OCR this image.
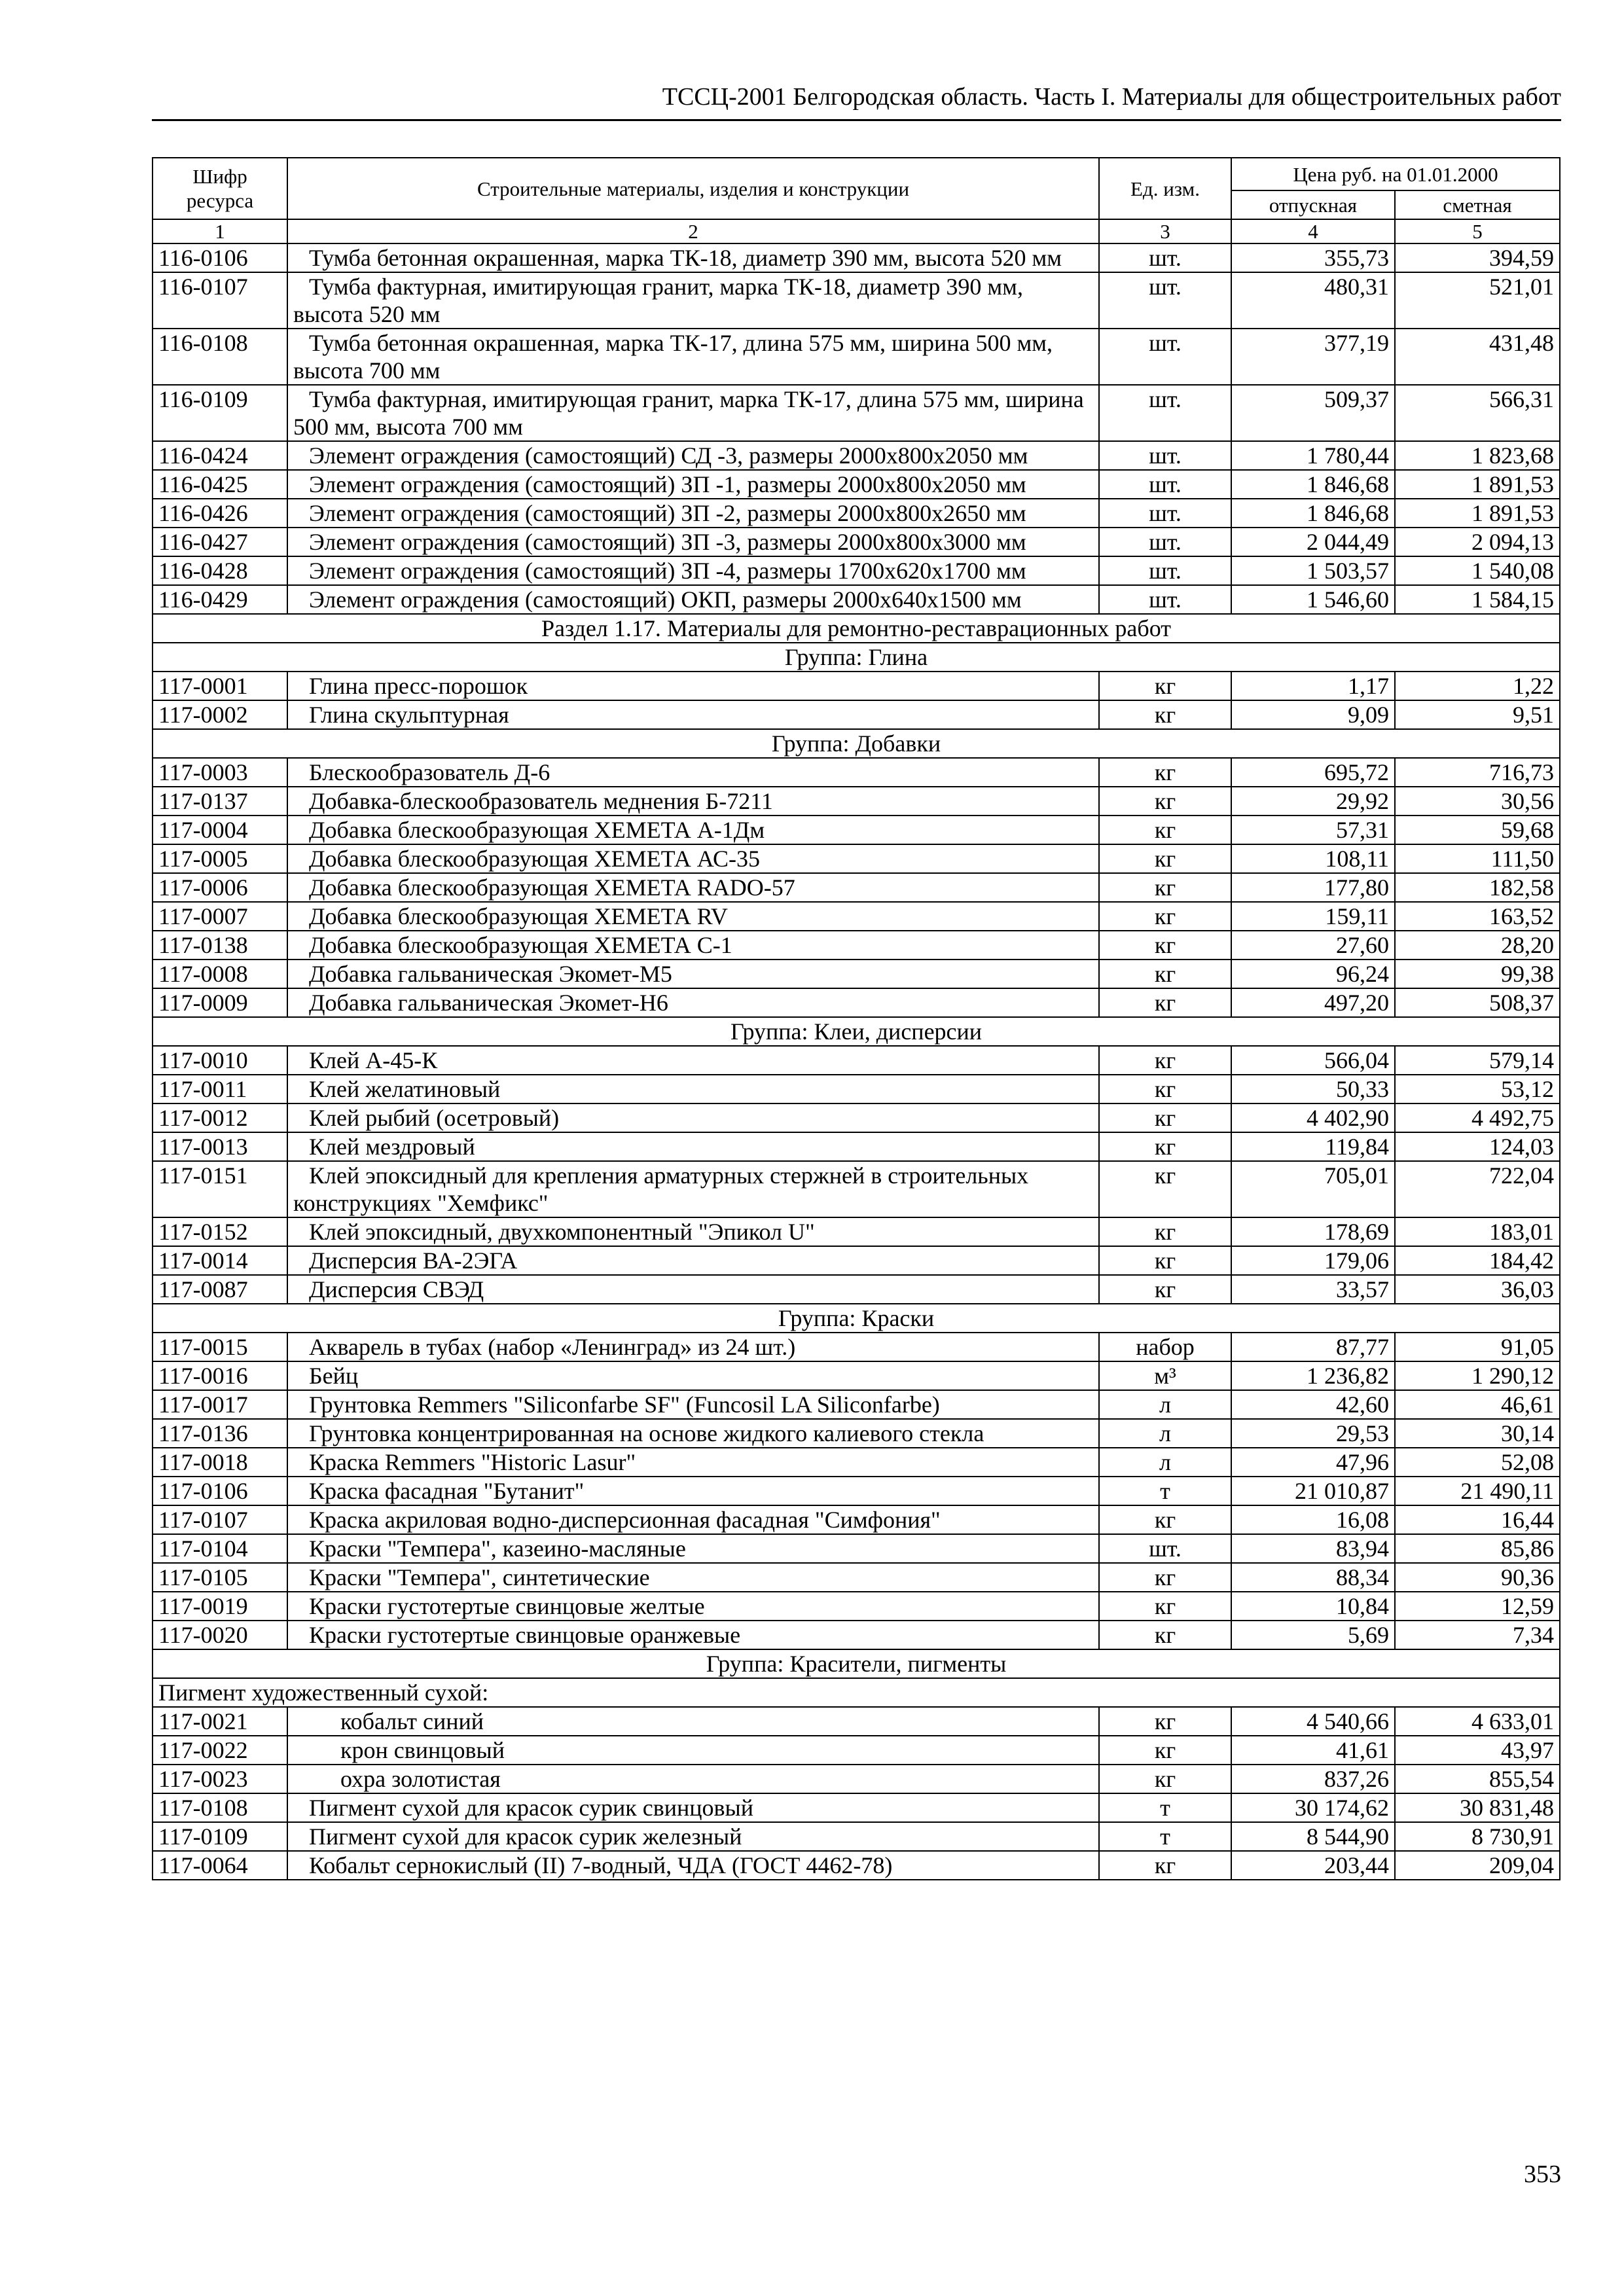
ТССЦ-2001 Белгородская область. Часть I. Материалы для общестроительных работ
Шифр ресурса	Строительные материалы, изделия и конструкции	Ед. изм.	Цена руб. на 01.01.2000	
			отпускная	сметная
1	2	3	4	5
116-0106	Тумба бетонная окрашенная, марка ТК-18, диаметр 390 мм, высота 520 мм	шт.	355,73	394,59
116-0107	Тумба фактурная, имитирующая гранит, марка ТК-18, диаметр 390 мм, высота 520 мм	шт.	480,31	521,01
116-0108	Тумба бетонная окрашенная, марка ТК-17, длина 575 мм, ширина 500 мм, высота 700 мм	шт.	377,19	431,48
116-0109	Тумба фактурная, имитирующая гранит, марка ТК-17, длина 575 мм, ширина 500 мм, высота 700 мм	шт.	509,37	566,31
116-0424	Элемент ограждения (самостоящий) СД -3, размеры 2000х800х2050 мм	шт.	1 780,44	1 823,68
116-0425	Элемент ограждения (самостоящий) ЗП -1, размеры 2000х800х2050 мм	шт.	1 846,68	1 891,53
116-0426	Элемент ограждения (самостоящий) ЗП -2, размеры 2000х800х2650 мм	шт.	1 846,68	1 891,53
116-0427	Элемент ограждения (самостоящий) ЗП -3, размеры 2000х800х3000 мм	шт.	2 044,49	2 094,13
116-0428	Элемент ограждения (самостоящий) ЗП -4, размеры 1700х620х1700 мм	шт.	1 503,57	1 540,08
116-0429	Элемент ограждения (самостоящий) ОКП, размеры 2000х640х1500 мм	шт.	1 546,60	1 584,15
Раздел 1.17. Материалы для ремонтно-реставрационных работ				
Группа: Глина				
117-0001	Глина пресс-порошок	кг	1,17	1,22
117-0002	Глина скульптурная	кг	9,09	9,51
Группа: Добавки				
117-0003	Блескообразователь Д-6	кг	695,72	716,73
117-0137	Добавка-блескообразователь меднения Б-7211	кг	29,92	30,56
117-0004	Добавка блескообразующая ХЕМЕТА А-1Дм	кг	57,31	59,68
117-0005	Добавка блескообразующая ХЕМЕТА АС-35	кг	108,11	111,50
117-0006	Добавка блескообразующая ХЕМЕТА RADO-57	кг	177,80	182,58
117-0007	Добавка блескообразующая ХЕМЕТА RV	кг	159,11	163,52
117-0138	Добавка блескообразующая ХЕМЕТА С-1	кг	27,60	28,20
117-0008	Добавка гальваническая Экомет-М5	кг	96,24	99,38
117-0009	Добавка гальваническая Экомет-Н6	кг	497,20	508,37
Группа: Клеи, дисперсии				
117-0010	Клей А-45-К	кг	566,04	579,14
117-0011	Клей желатиновый	кг	50,33	53,12
117-0012	Клей рыбий (осетровый)	кг	4 402,90	4 492,75
117-0013	Клей мездровый	кг	119,84	124,03
117-0151	Клей эпоксидный для крепления арматурных стержней в строительных конструкциях "Хемфикс"	кг	705,01	722,04
117-0152	Клей эпоксидный, двухкомпонентный "Эпикол U"	кг	178,69	183,01
117-0014	Дисперсия ВА-2ЭГА	кг	179,06	184,42
117-0087	Дисперсия СВЭД	кг	33,57	36,03
Группа: Краски				
117-0015	Акварель в тубах (набор «Ленинград» из 24 шт.)	набор	87,77	91,05
117-0016	Бейц	м³	1 236,82	1 290,12
117-0017	Грунтовка Remmers "Siliconfarbe SF" (Funcosil LA Siliconfarbe)	л	42,60	46,61
117-0136	Грунтовка концентрированная на основе жидкого калиевого стекла	л	29,53	30,14
117-0018	Краска Remmers "Historic Lasur"	л	47,96	52,08
117-0106	Краска фасадная "Бутанит"	т	21 010,87	21 490,11
117-0107	Краска акриловая водно-дисперсионная фасадная "Симфония"	кг	16,08	16,44
117-0104	Краски "Темпера", казеино-масляные	шт.	83,94	85,86
117-0105	Краски "Темпера", синтетические	кг	88,34	90,36
117-0019	Краски густотертые свинцовые желтые	кг	10,84	12,59
117-0020	Краски густотертые свинцовые оранжевые	кг	5,69	7,34
Группа: Красители, пигменты				
Пигмент художественный сухой:				
117-0021	кобальт синий	кг	4 540,66	4 633,01
117-0022	крон свинцовый	кг	41,61	43,97
117-0023	охра золотистая	кг	837,26	855,54
117-0108	Пигмент сухой для красок сурик свинцовый	т	30 174,62	30 831,48
117-0109	Пигмент сухой для красок сурик железный	т	8 544,90	8 730,91
117-0064	Кобальт сернокислый (II) 7-водный, ЧДА (ГОСТ 4462-78)	кг	203,44	209,04
353
